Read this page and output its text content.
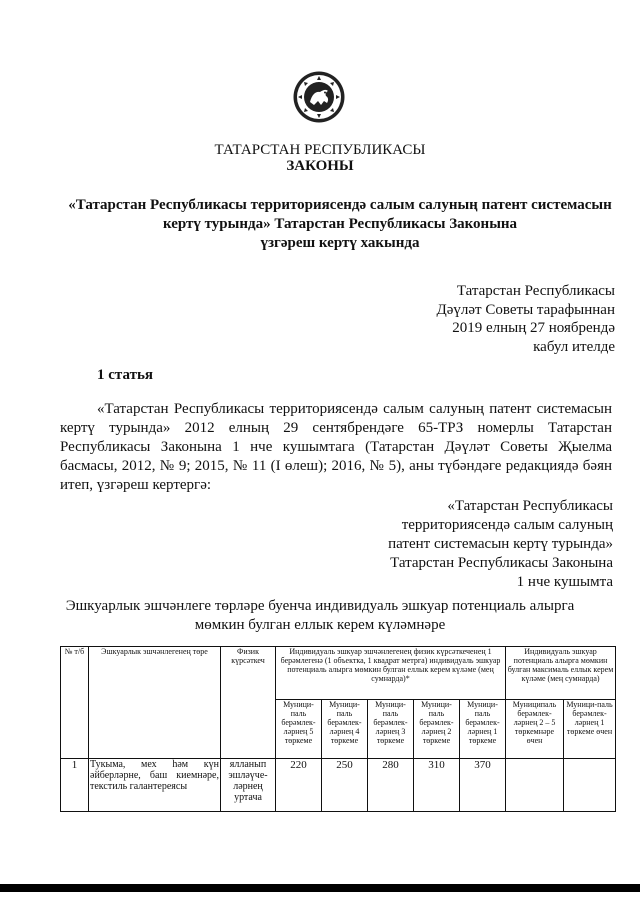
ТАТАРСТАН РЕСПУБЛИКАСЫ
ЗАКОНЫ
«Татарстан Республикасы территориясендә салым салуның патент системасын
кертү турында» Татарстан Республикасы Законына
үзгәреш кертү хакында
Татарстан Республикасы
Дәүләт Советы тарафыннан
2019 елның 27 ноябрендә
кабул ителде
1 статья
«Татарстан Республикасы территориясендә салым салуның патент системасын
кертү турында» 2012 елның 29 сентябрендәге 65-ТРЗ номерлы Татарстан
Республикасы Законына 1 нче кушымтага (Татарстан Дәүләт Советы Җыелма
басмасы, 2012, № 9; 2015, № 11 (I өлеш); 2016, № 5), аны түбәндәге редакциядә бәян
итеп, үзгәреш кертергә:
«Татарстан Республикасы
территориясендә салым салуның
патент системасын кертү турында»
Татарстан Республикасы Законына
1 нче кушымта
Эшкуарлык эшчәнлеге төрләре буенча индивидуаль эшкуар потенциаль алырга
мөмкин булган еллык керем күләмнәре
№ т/б	Эшкуарлык эшчәнлегенең төре	Физик күрсәткеч	Индивидуаль эшкуар эшчәнлегенең физик күрсәткеченең 1 берәмлегенә (1 объектка, 1 квадрат метрга) индивидуаль эшкуар потенциаль алырга мөмкин булган еллык керем күләме (мең сумнарда)*					Индивидуаль эшкуар потенциаль алырга мөмкин булган максималь еллык керем күләме (мең сумнарда)	
			Муници-паль берәмлек-ләрнең 5 төркеме	Муници-паль берәмлек-ләрнең 4 төркеме	Муници-паль берәмлек-ләрнең 3 төркеме	Муници-паль берәмлек-ләрнең 2 төркеме	Муници-паль берәмлек-ләрнең 1 төркеме	Муниципаль берәмлек-ләрнең 2 – 5 төркемнәре өчен	Муници-паль берәмлек-ләрнең 1 төркеме өчен
1	Тукыма, мех һәм күн әйберләрне, баш киемнәре, текстиль галантереясы	ялланып эшләүче-ләрнең уртача	220	250	280	310	370		
